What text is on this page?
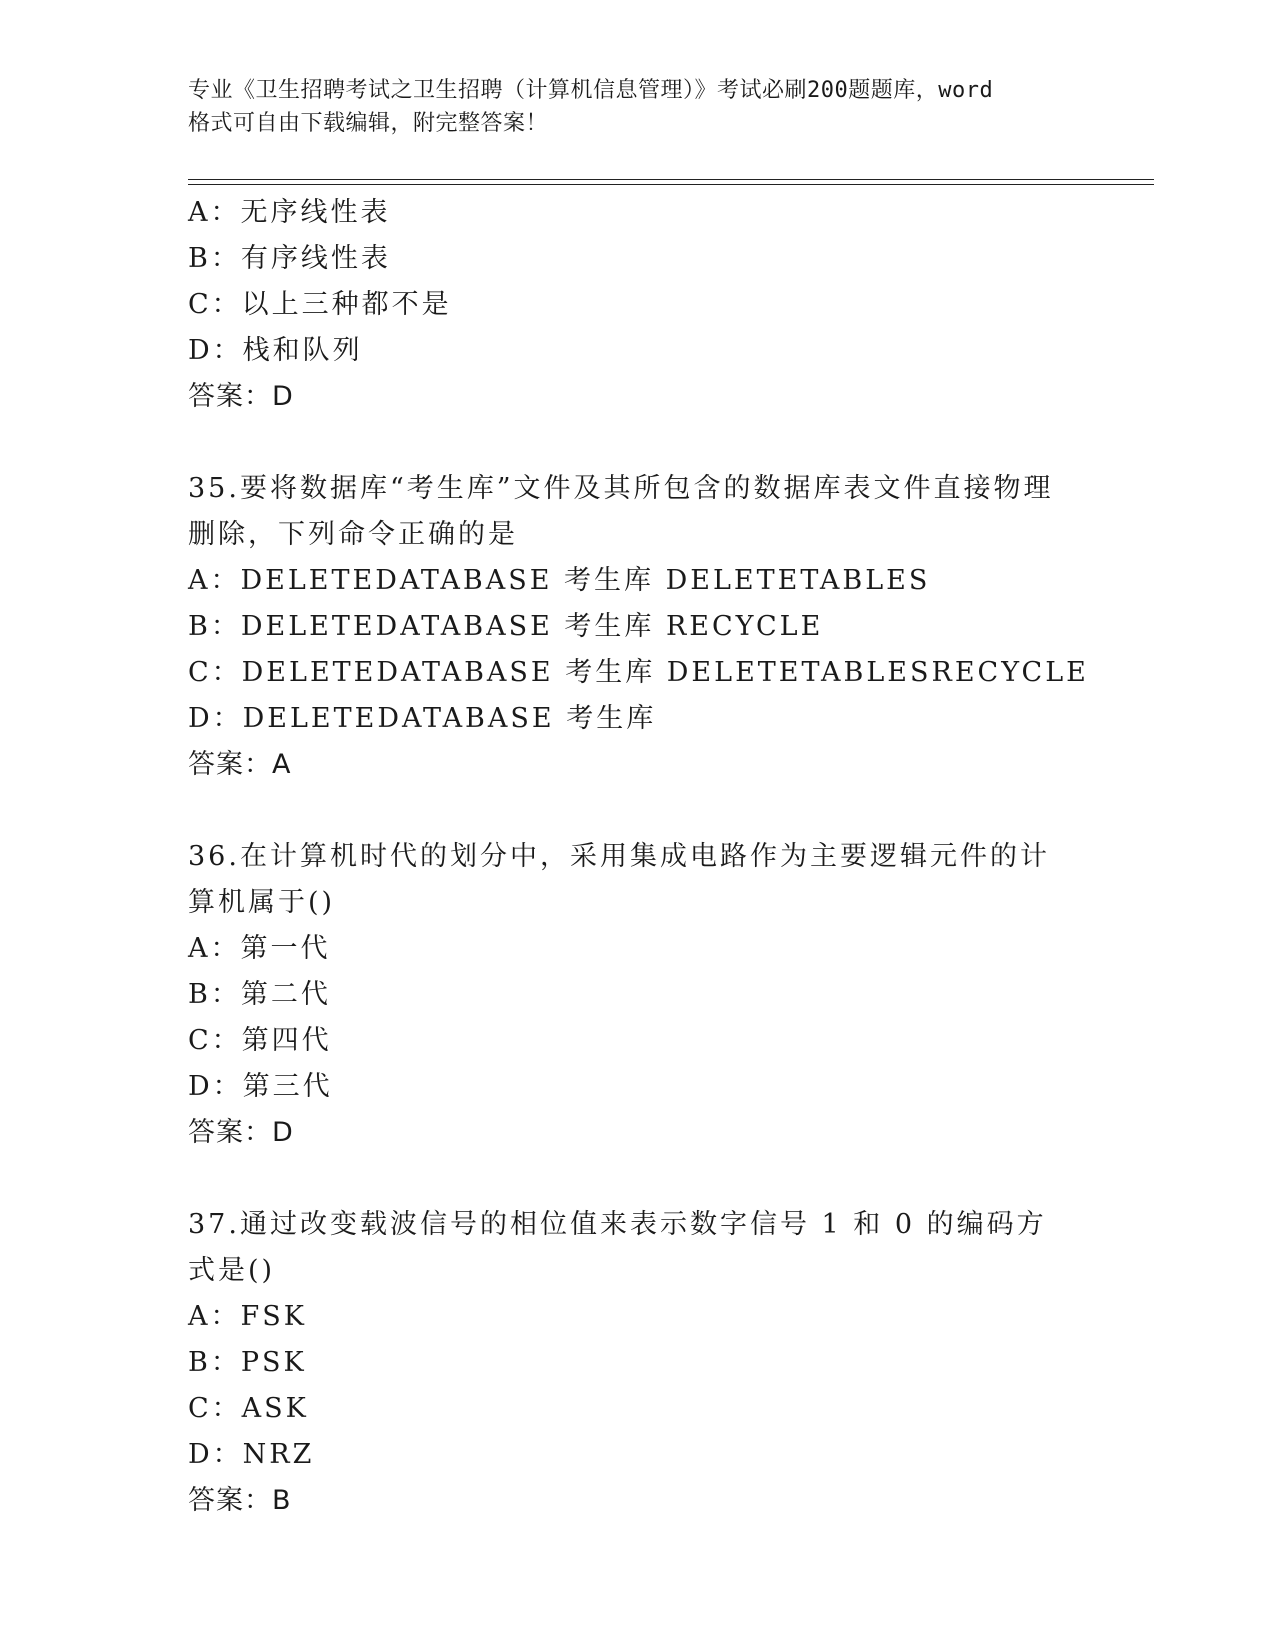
专业《卫生招聘考试之卫生招聘（计算机信息管理）》考试必刷200题题库，word
格式可自由下载编辑，附完整答案！
A：无序线性表
B：有序线性表
C：以上三种都不是
D：栈和队列
答案：D
35.要将数据库“考生库”文件及其所包含的数据库表文件直接物理删除，下列命令正确的是
A：DELETEDATABASE 考生库 DELETETABLES
B：DELETEDATABASE 考生库 RECYCLE
C：DELETEDATABASE 考生库 DELETETABLESRECYCLE
D：DELETEDATABASE 考生库
答案：A
36.在计算机时代的划分中，采用集成电路作为主要逻辑元件的计算机属于()
A：第一代
B：第二代
C：第四代
D：第三代
答案：D
37.通过改变载波信号的相位值来表示数字信号 1 和 0 的编码方式是()
A：FSK
B：PSK
C：ASK
D：NRZ
答案：B
